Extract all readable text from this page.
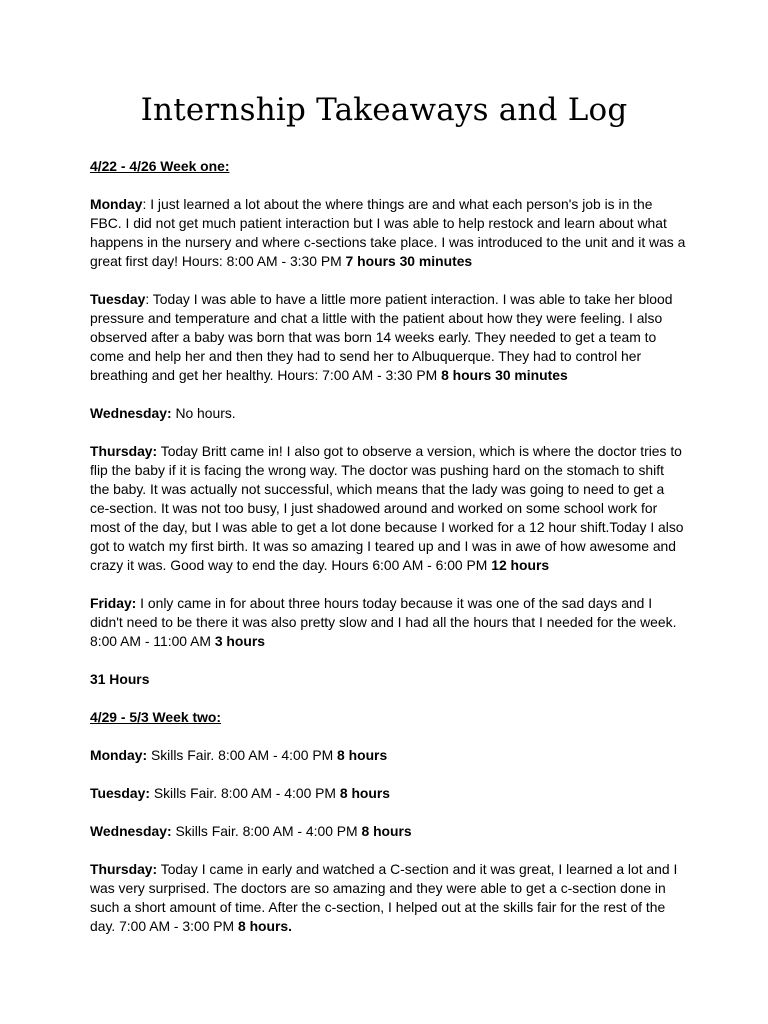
Internship Takeaways and Log

4/22 - 4/26 Week one:

Monday: I just learned a lot about the where things are and what each person's job is in the FBC. I did not get much patient interaction but I was able to help restock and learn about what happens in the nursery and where c-sections take place. I was introduced to the unit and it was a great first day! Hours: 8:00 AM - 3:30 PM 7 hours 30 minutes

Tuesday: Today I was able to have a little more patient interaction. I was able to take her blood pressure and temperature and chat a little with the patient about how they were feeling. I also observed after a baby was born that was born 14 weeks early. They needed to get a team to come and help her and then they had to send her to Albuquerque. They had to control her breathing and get her healthy. Hours: 7:00 AM - 3:30 PM 8 hours 30 minutes

Wednesday: No hours.

Thursday: Today Britt came in! I also got to observe a version, which is where the doctor tries to flip the baby if it is facing the wrong way. The doctor was pushing hard on the stomach to shift the baby. It was actually not successful, which means that the lady was going to need to get a ce-section. It was not too busy, I just shadowed around and worked on some school work for most of the day, but I was able to get a lot done because I worked for a 12 hour shift.Today I also got to watch my first birth. It was so amazing I teared up and I was in awe of how awesome and crazy it was. Good way to end the day. Hours 6:00 AM - 6:00 PM 12 hours

Friday: I only came in for about three hours today because it was one of the sad days and I didn't need to be there it was also pretty slow and I had all the hours that I needed for the week. 8:00 AM - 11:00 AM 3 hours

31 Hours

4/29 - 5/3 Week two:

Monday: Skills Fair. 8:00 AM - 4:00 PM 8 hours

Tuesday: Skills Fair. 8:00 AM - 4:00 PM 8 hours

Wednesday: Skills Fair. 8:00 AM - 4:00 PM 8 hours

Thursday: Today I came in early and watched a C-section and it was great, I learned a lot and I was very surprised. The doctors are so amazing and they were able to get a c-section done in such a short amount of time. After the c-section, I helped out at the skills fair for the rest of the day. 7:00 AM - 3:00 PM 8 hours.
